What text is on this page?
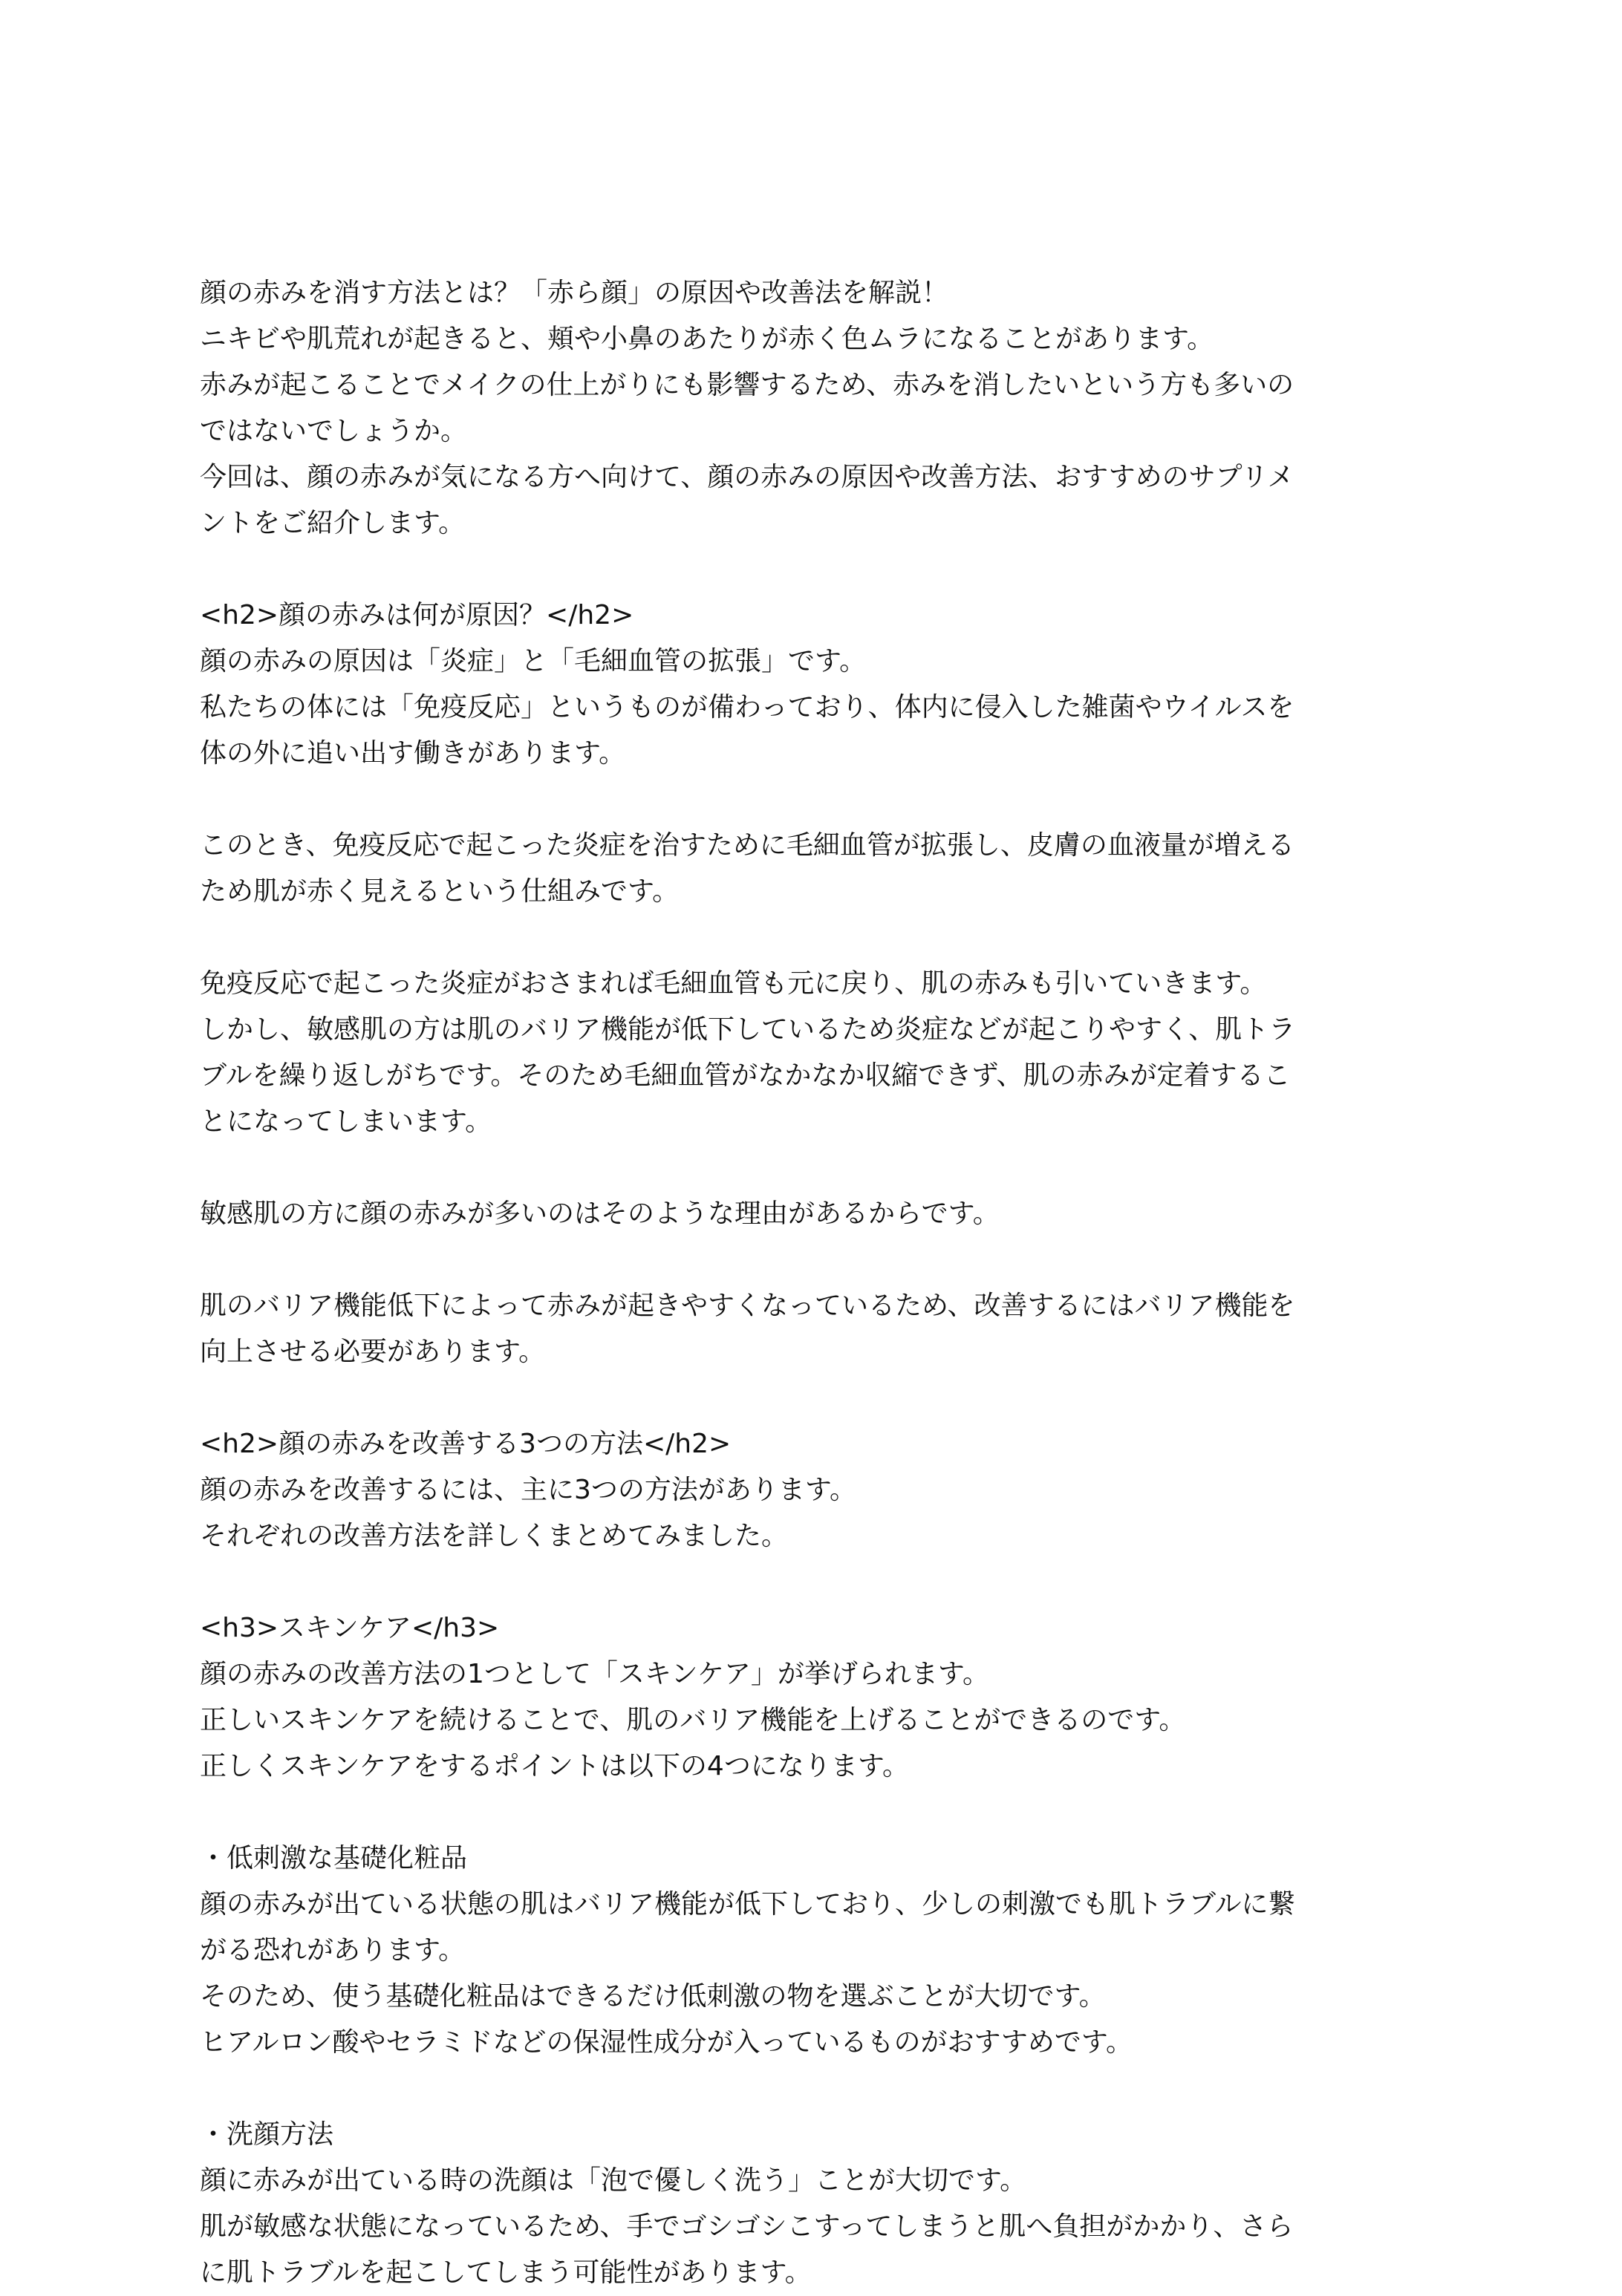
顔の赤みを消す方法とは？「赤ら顔」の原因や改善法を解説！
ニキビや肌荒れが起きると、頬や小鼻のあたりが赤く色ムラになることがあります。
赤みが起こることでメイクの仕上がりにも影響するため、赤みを消したいという方も多いの
ではないでしょうか。
今回は、顔の赤みが気になる方へ向けて、顔の赤みの原因や改善方法、おすすめのサプリメ
ントをご紹介します。
<h2>顔の赤みは何が原因？</h2>
顔の赤みの原因は「炎症」と「毛細血管の拡張」です。
私たちの体には「免疫反応」というものが備わっており、体内に侵入した雑菌やウイルスを
体の外に追い出す働きがあります。
このとき、免疫反応で起こった炎症を治すために毛細血管が拡張し、皮膚の血液量が増える
ため肌が赤く見えるという仕組みです。
免疫反応で起こった炎症がおさまれば毛細血管も元に戻り、肌の赤みも引いていきます。
しかし、敏感肌の方は肌のバリア機能が低下しているため炎症などが起こりやすく、肌トラ
ブルを繰り返しがちです。そのため毛細血管がなかなか収縮できず、肌の赤みが定着するこ
とになってしまいます。
敏感肌の方に顔の赤みが多いのはそのような理由があるからです。
肌のバリア機能低下によって赤みが起きやすくなっているため、改善するにはバリア機能を
向上させる必要があります。
<h2>顔の赤みを改善する3つの方法</h2>
顔の赤みを改善するには、主に3つの方法があります。
それぞれの改善方法を詳しくまとめてみました。
<h3>スキンケア</h3>
顔の赤みの改善方法の1つとして「スキンケア」が挙げられます。
正しいスキンケアを続けることで、肌のバリア機能を上げることができるのです。
正しくスキンケアをするポイントは以下の4つになります。
・低刺激な基礎化粧品
顔の赤みが出ている状態の肌はバリア機能が低下しており、少しの刺激でも肌トラブルに繋
がる恐れがあります。
そのため、使う基礎化粧品はできるだけ低刺激の物を選ぶことが大切です。
ヒアルロン酸やセラミドなどの保湿性成分が入っているものがおすすめです。
・洗顔方法
顔に赤みが出ている時の洗顔は「泡で優しく洗う」ことが大切です。
肌が敏感な状態になっているため、手でゴシゴシこすってしまうと肌へ負担がかかり、さら
に肌トラブルを起こしてしまう可能性があります。
